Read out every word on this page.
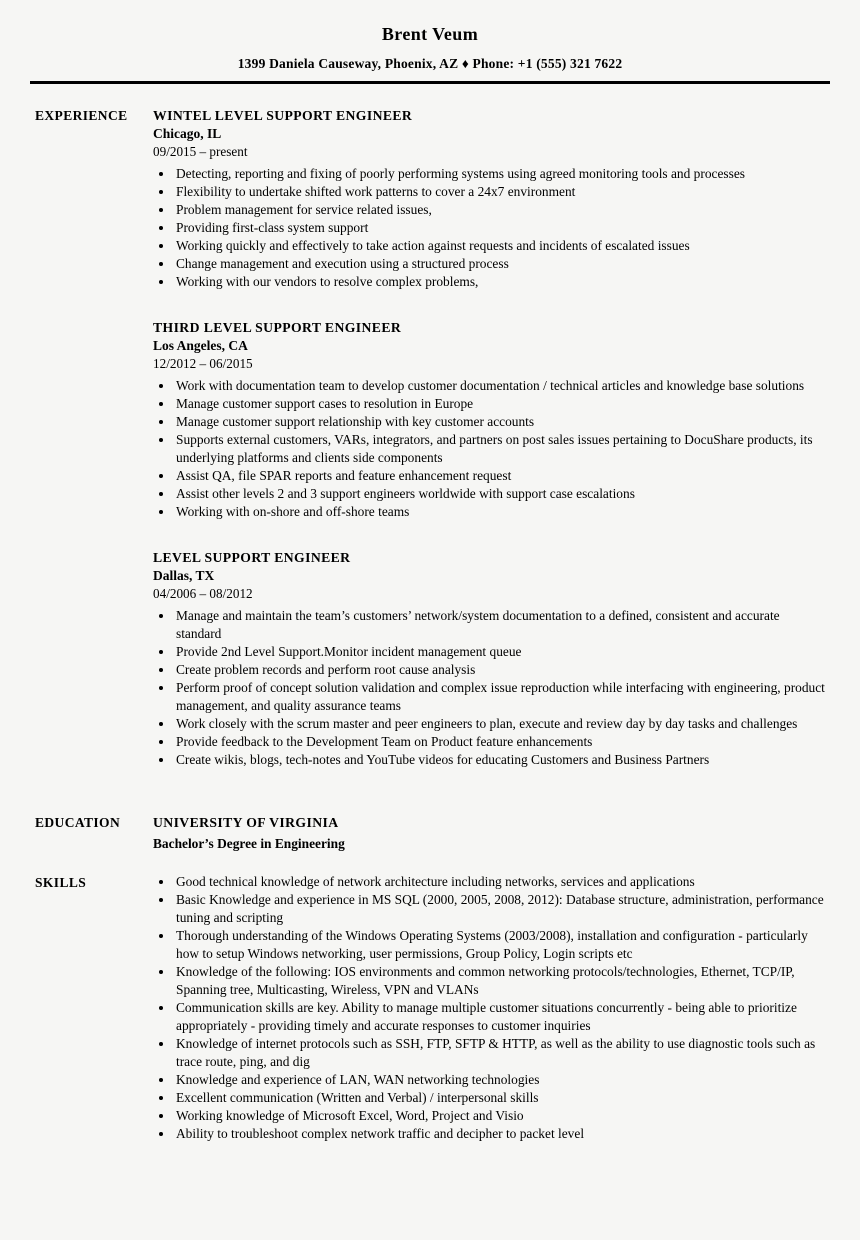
Brent Veum
1399 Daniela Causeway, Phoenix, AZ ♦ Phone: +1 (555) 321 7622
EXPERIENCE	WINTEL LEVEL SUPPORT ENGINEER
Chicago, IL
09/2015 – present
• Detecting, reporting and fixing of poorly performing systems using agreed monitoring tools and processes
• Flexibility to undertake shifted work patterns to cover a 24x7 environment
• Problem management for service related issues,
• Providing first-class system support
• Working quickly and effectively to take action against requests and incidents of escalated issues
• Change management and execution using a structured process
• Working with our vendors to resolve complex problems,
THIRD LEVEL SUPPORT ENGINEER
Los Angeles, CA
12/2012 – 06/2015
• Work with documentation team to develop customer documentation / technical articles and knowledge base solutions
• Manage customer support cases to resolution in Europe
• Manage customer support relationship with key customer accounts
• Supports external customers, VARs, integrators, and partners on post sales issues pertaining to DocuShare products, its underlying platforms and clients side components
• Assist QA, file SPAR reports and feature enhancement request
• Assist other levels 2 and 3 support engineers worldwide with support case escalations
• Working with on-shore and off-shore teams
LEVEL SUPPORT ENGINEER
Dallas, TX
04/2006 – 08/2012
• Manage and maintain the team’s customers’ network/system documentation to a defined, consistent and accurate standard
• Provide 2nd Level Support.Monitor incident management queue
• Create problem records and perform root cause analysis
• Perform proof of concept solution validation and complex issue reproduction while interfacing with engineering, product management, and quality assurance teams
• Work closely with the scrum master and peer engineers to plan, execute and review day by day tasks and challenges
• Provide feedback to the Development Team on Product feature enhancements
• Create wikis, blogs, tech-notes and YouTube videos for educating Customers and Business Partners
EDUCATION	UNIVERSITY OF VIRGINIA
Bachelor’s Degree in Engineering
SKILLS	• Good technical knowledge of network architecture including networks, services and applications
• Basic Knowledge and experience in MS SQL (2000, 2005, 2008, 2012): Database structure, administration, performance tuning and scripting
• Thorough understanding of the Windows Operating Systems (2003/2008), installation and configuration - particularly how to setup Windows networking, user permissions, Group Policy, Login scripts etc
• Knowledge of the following: IOS environments and common networking protocols/technologies, Ethernet, TCP/IP, Spanning tree, Multicasting, Wireless, VPN and VLANs
• Communication skills are key. Ability to manage multiple customer situations concurrently - being able to prioritize appropriately - providing timely and accurate responses to customer inquiries
• Knowledge of internet protocols such as SSH, FTP, SFTP & HTTP, as well as the ability to use diagnostic tools such as trace route, ping, and dig
• Knowledge and experience of LAN, WAN networking technologies
• Excellent communication (Written and Verbal) / interpersonal skills
• Working knowledge of Microsoft Excel, Word, Project and Visio
• Ability to troubleshoot complex network traffic and decipher to packet level
